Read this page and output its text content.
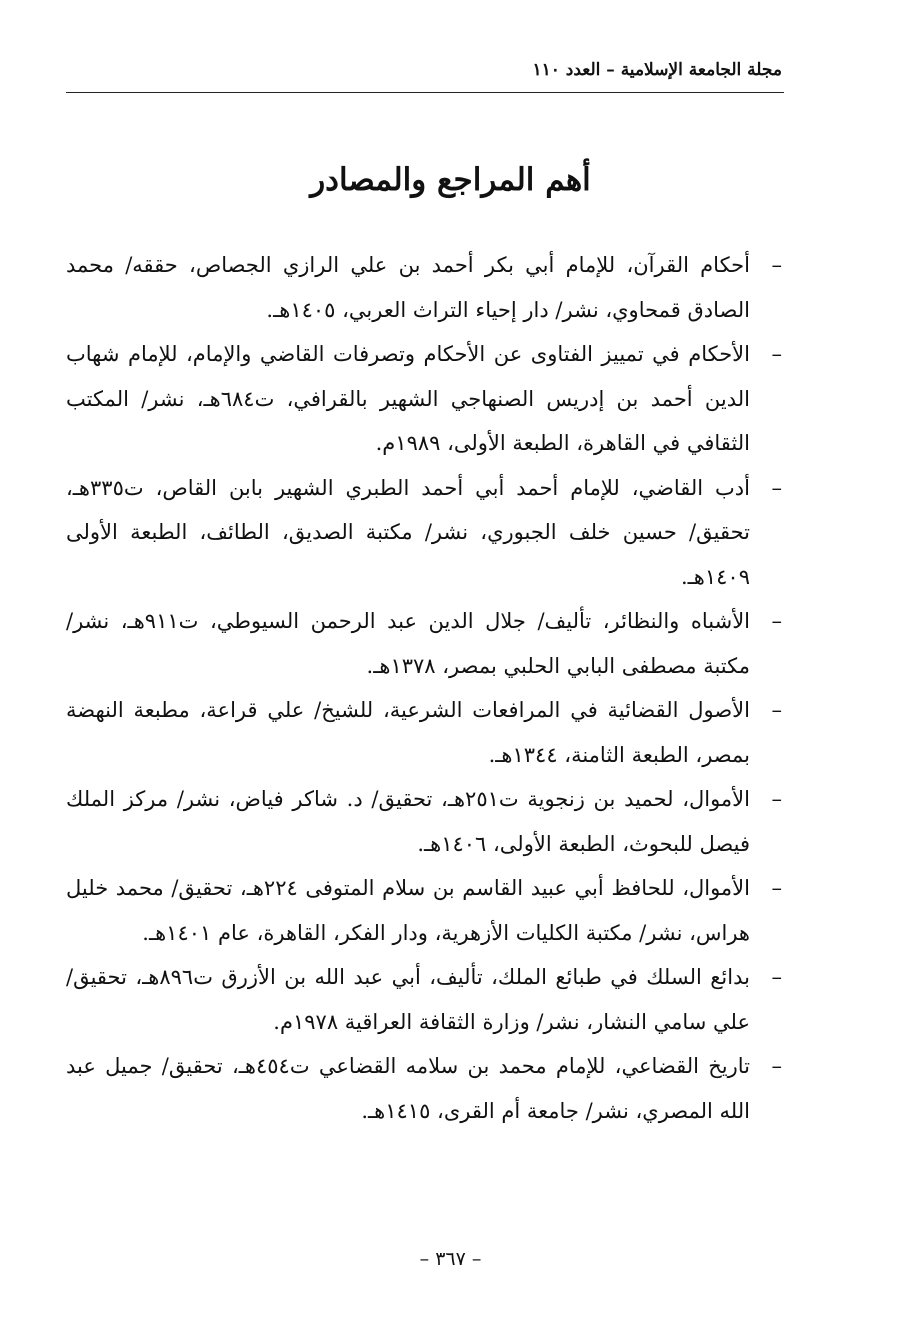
مجلة الجامعة الإسلامية – العدد ١١٠
أهم المراجع والمصادر
–
أحكام القرآن، للإمام أبي بكر أحمد بن علي الرازي الجصاص، حققه/ محمد الصادق قمحاوي، نشر/ دار إحياء التراث العربي، ١٤٠٥هـ.
–
الأحكام في تمييز الفتاوى عن الأحكام وتصرفات القاضي والإمام، للإمام شهاب الدين أحمد بن إدريس الصنهاجي الشهير بالقرافي، ت٦٨٤هـ، نشر/ المكتب الثقافي في القاهرة، الطبعة الأولى، ١٩٨٩م.
–
أدب القاضي، للإمام أحمد أبي أحمد الطبري الشهير بابن القاص، ت٣٣٥هـ، تحقيق/ حسين خلف الجبوري، نشر/ مكتبة الصديق، الطائف، الطبعة الأولى ١٤٠٩هـ.
–
الأشباه والنظائر، تأليف/ جلال الدين عبد الرحمن السيوطي، ت٩١١هـ، نشر/ مكتبة مصطفى البابي الحلبي بمصر، ١٣٧٨هـ.
–
الأصول القضائية في المرافعات الشرعية، للشيخ/ علي قراعة، مطبعة النهضة بمصر، الطبعة الثامنة، ١٣٤٤هـ.
–
الأموال، لحميد بن زنجوية ت٢٥١هـ، تحقيق/ د. شاكر فياض، نشر/ مركز الملك فيصل للبحوث، الطبعة الأولى، ١٤٠٦هـ.
–
الأموال، للحافظ أبي عبيد القاسم بن سلام المتوفى ٢٢٤هـ، تحقيق/ محمد خليل هراس، نشر/ مكتبة الكليات الأزهرية، ودار الفكر، القاهرة، عام ١٤٠١هـ.
–
بدائع السلك في طبائع الملك، تأليف، أبي عبد الله بن الأزرق ت٨٩٦هـ، تحقيق/ علي سامي النشار، نشر/ وزارة الثقافة العراقية ١٩٧٨م.
–
تاريخ القضاعي، للإمام محمد بن سلامه القضاعي ت٤٥٤هـ، تحقيق/ جميل عبد الله المصري، نشر/ جامعة أم القرى، ١٤١٥هـ.
– ٣٦٧ –
